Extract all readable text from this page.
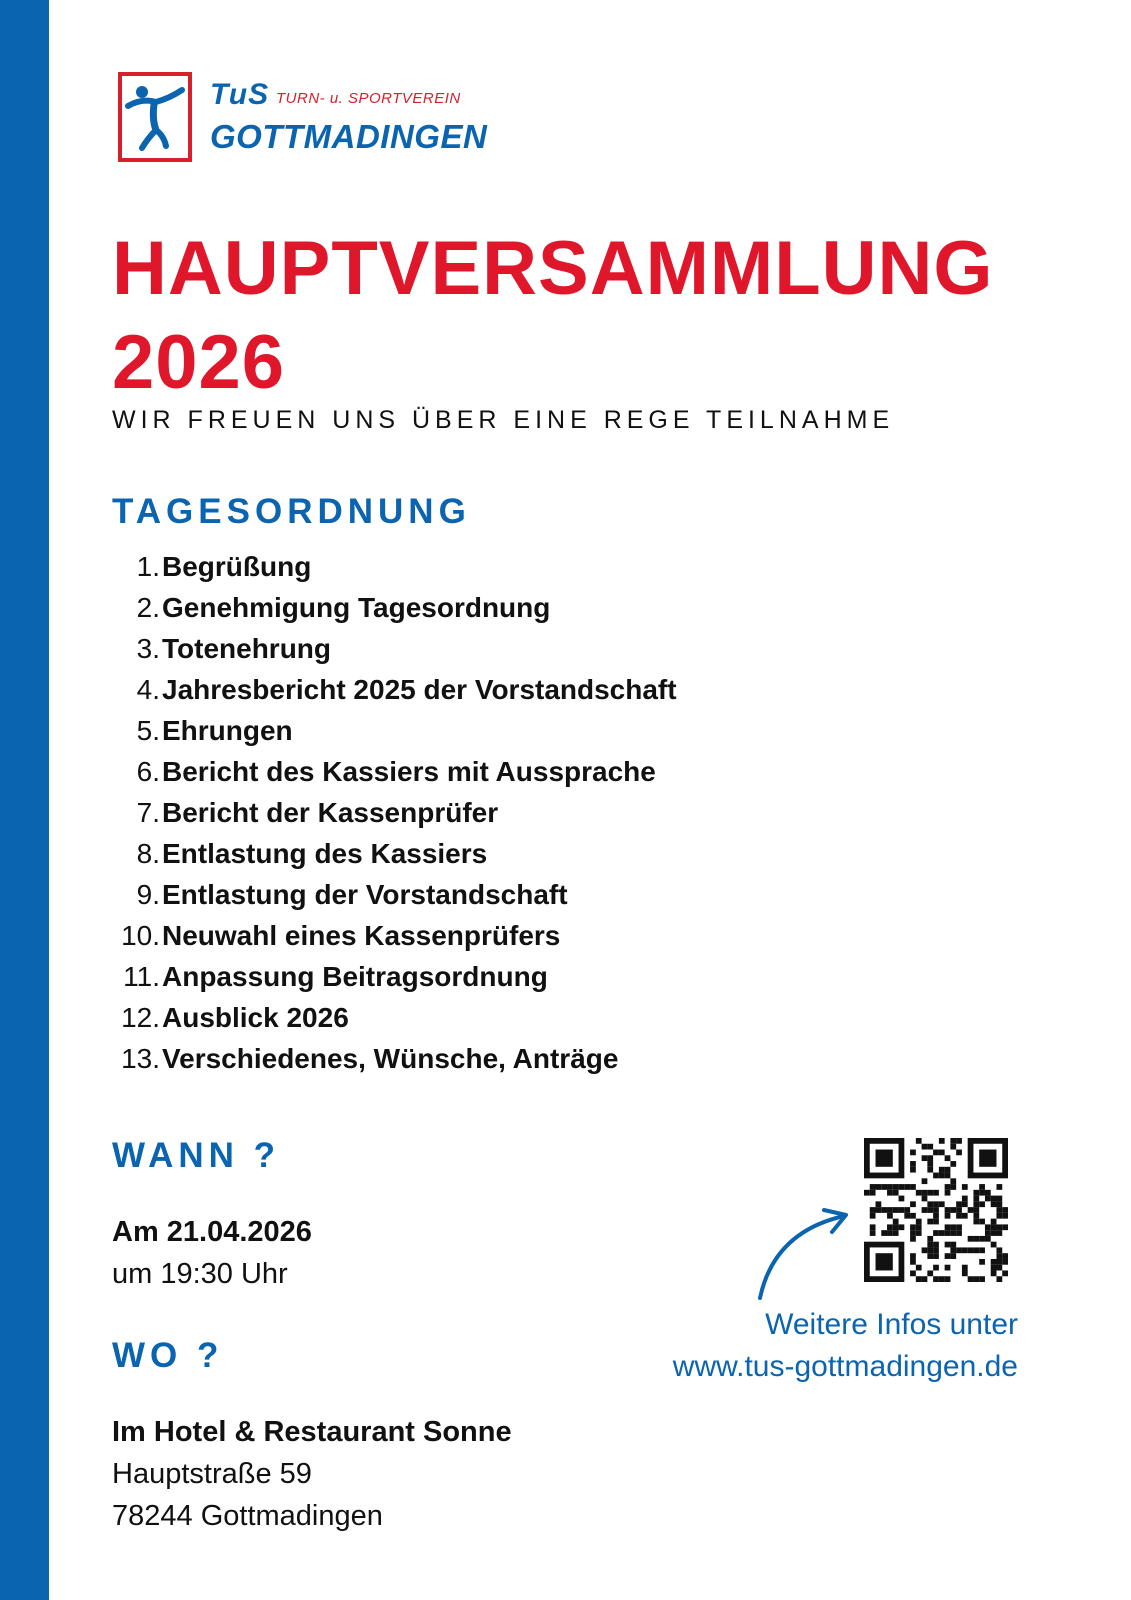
TuS TURN- u. SPORTVEREIN
GOTTMADINGEN
HAUPTVERSAMMLUNG
2026
WIR FREUEN UNS ÜBER EINE REGE TEILNAHME
TAGESORDNUNG
1. Begrüßung
2. Genehmigung Tagesordnung
3. Totenehrung
4. Jahresbericht 2025 der Vorstandschaft
5. Ehrungen
6. Bericht des Kassiers mit Aussprache
7. Bericht der Kassenprüfer
8. Entlastung des Kassiers
9. Entlastung der Vorstandschaft
10. Neuwahl eines Kassenprüfers
11. Anpassung Beitragsordnung
12. Ausblick 2026
13. Verschiedenes, Wünsche, Anträge
WANN ?
Am 21.04.2026
um 19:30 Uhr
WO ?
Im Hotel & Restaurant Sonne
Hauptstraße 59
78244 Gottmadingen
Weitere Infos unter
www.tus-gottmadingen.de
